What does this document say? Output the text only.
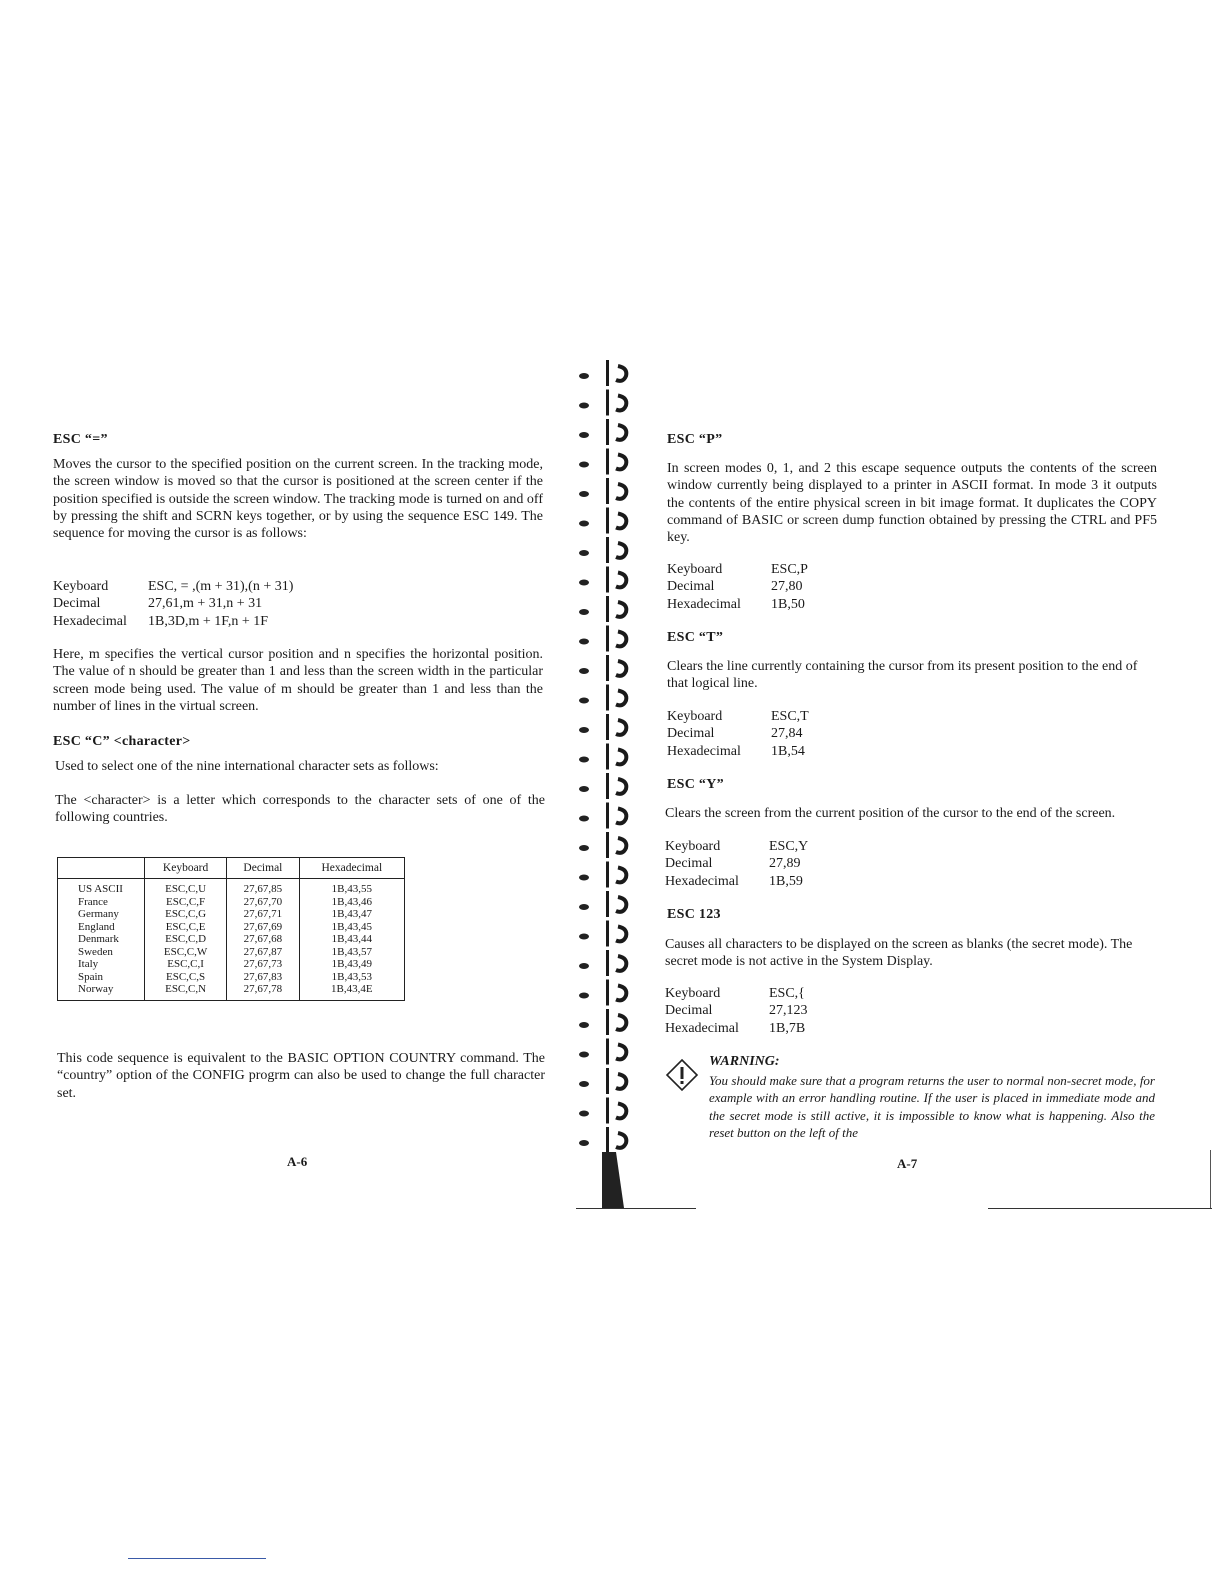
ESC “=”

Moves the cursor to the specified position on the current screen. In the tracking mode, the screen window is moved so that the cursor is positioned at the screen center if the position specified is outside the screen window. The tracking mode is turned on and off by pressing the shift and SCRN keys together, or by using the sequence ESC 149. The sequence for moving the cursor is as follows:

Keyboard	ESC, = ,(m + 31),(n + 31)
Decimal	27,61,m + 31,n + 31
Hexadecimal	1B,3D,m + 1F,n + 1F

Here, m specifies the vertical cursor position and n specifies the horizontal position. The value of n should be greater than 1 and less than the screen width in the particular screen mode being used. The value of m should be greater than 1 and less than the number of lines in the virtual screen.

ESC “C” <character>

Used to select one of the nine international character sets as follows:

The <character> is a letter which corresponds to the character sets of one of the following countries.

	Keyboard	Decimal	Hexadecimal
US ASCII	ESC,C,U	27,67,85	1B,43,55
France	ESC,C,F	27,67,70	1B,43,46
Germany	ESC,C,G	27,67,71	1B,43,47
England	ESC,C,E	27,67,69	1B,43,45
Denmark	ESC,C,D	27,67,68	1B,43,44
Sweden	ESC,C,W	27,67,87	1B,43,57
Italy	ESC,C,I	27,67,73	1B,43,49
Spain	ESC,C,S	27,67,83	1B,43,53
Norway	ESC,C,N	27,67,78	1B,43,4E

This code sequence is equivalent to the BASIC OPTION COUNTRY command. The “country” option of the CONFIG progrm can also be used to change the full character set.

A-6
ESC “P”

In screen modes 0, 1, and 2 this escape sequence outputs the contents of the screen window currently being displayed to a printer in ASCII format. In mode 3 it outputs the contents of the entire physical screen in bit image format. It duplicates the COPY command of BASIC or screen dump function obtained by pressing the CTRL and PF5 key.

Keyboard	ESC,P
Decimal	27,80
Hexadecimal	1B,50
ESC “T”

Clears the line currently containing the cursor from its present position to the end of that logical line.

Keyboard	ESC,T
Decimal	27,84
Hexadecimal	1B,54
ESC “Y”

Clears the screen from the current position of the cursor to the end of the screen.

Keyboard	ESC,Y
Decimal	27,89
Hexadecimal	1B,59
ESC 123

Causes all characters to be displayed on the screen as blanks (the secret mode). The secret mode is not active in the System Display.

Keyboard	ESC,{
Decimal	27,123
Hexadecimal	1B,7B
WARNING:

You should make sure that a program returns the user to normal non-secret mode, for example with an error handling routine. If the user is placed in immediate mode and the secret mode is still active, it is impossible to know what is happening. Also the reset button on the left of the

A-7
